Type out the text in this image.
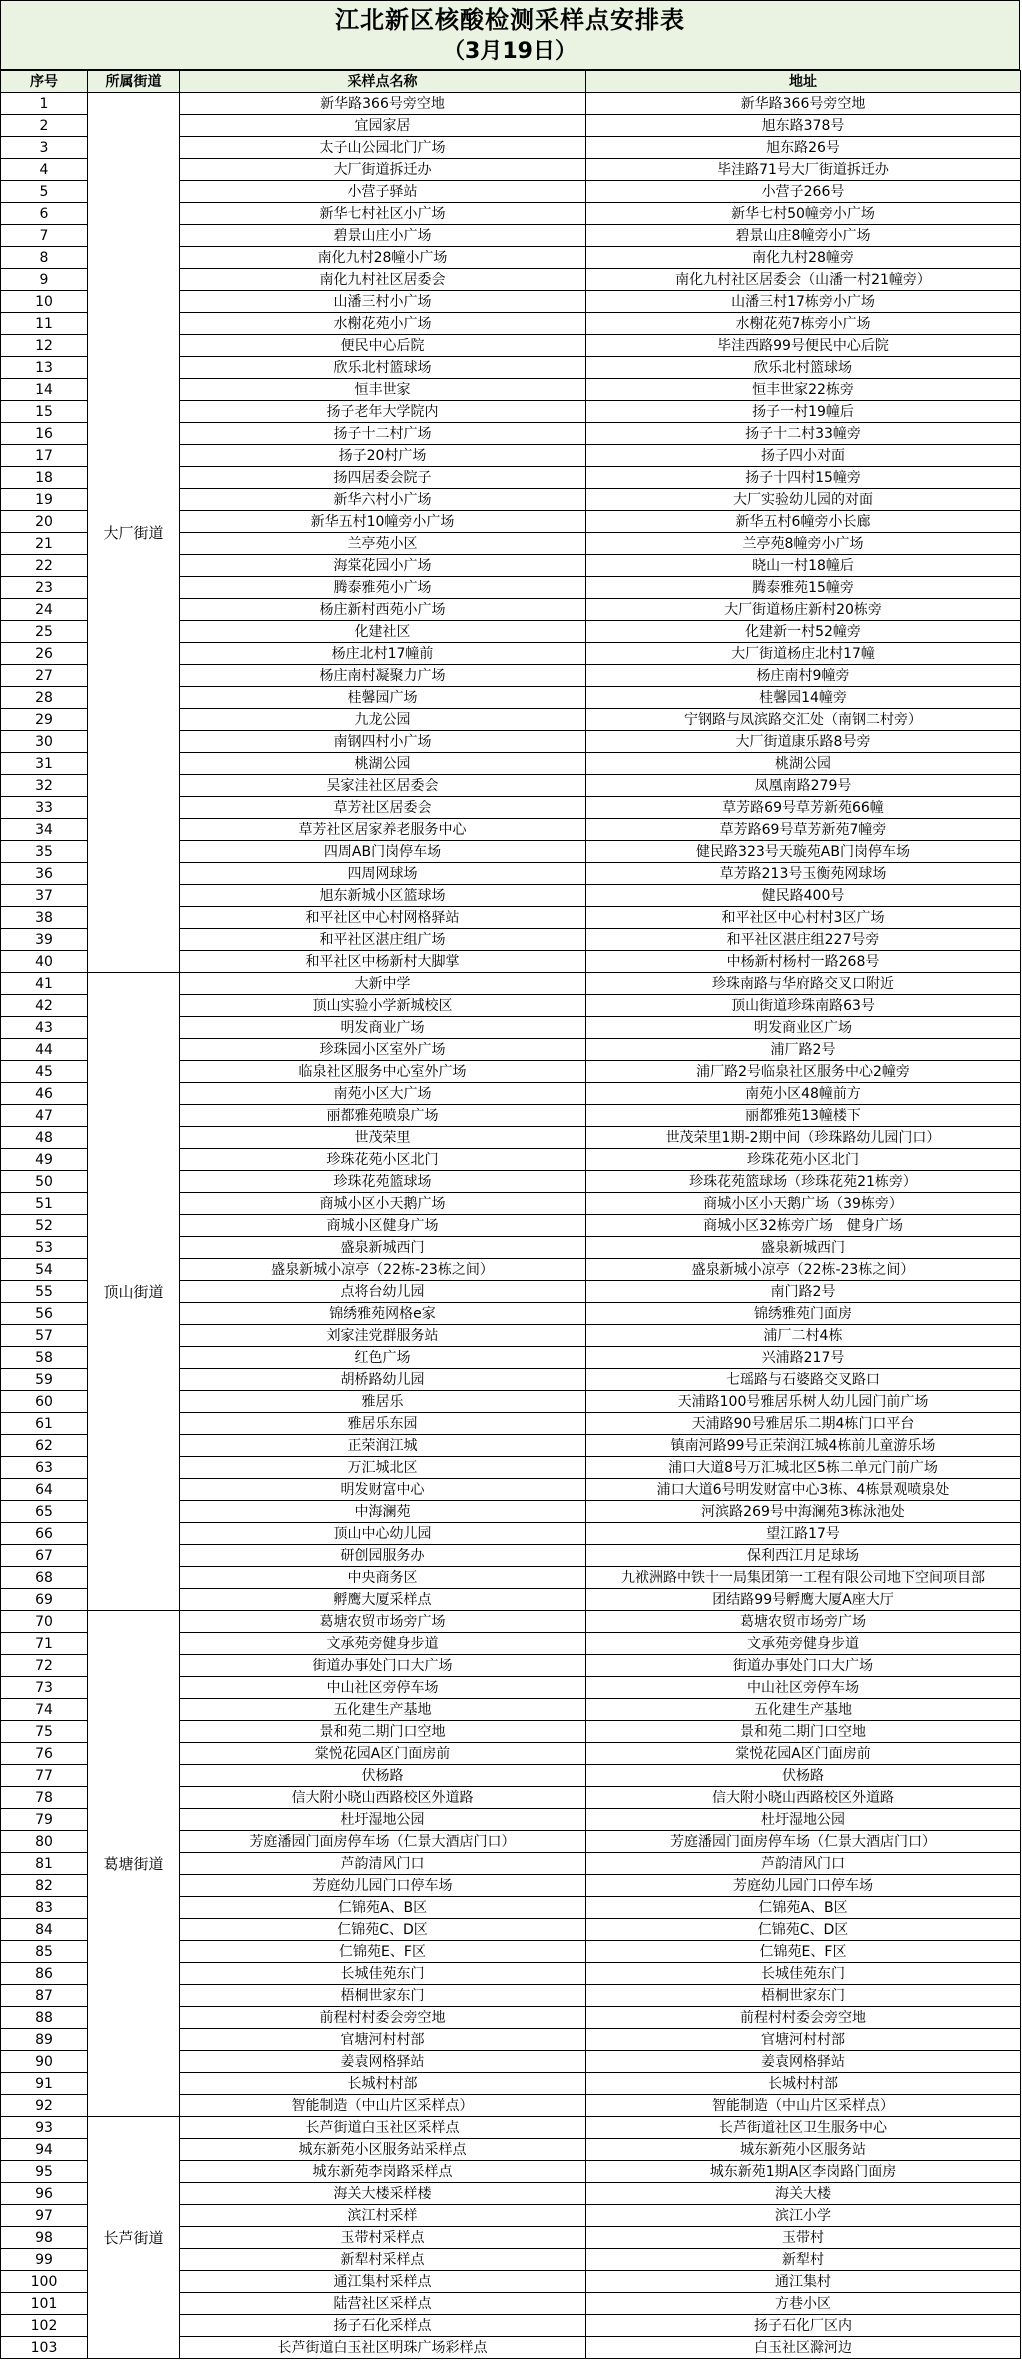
江北新区核酸检测采样点安排表
（3月19日）
序号	所属街道	采样点名称	地址
1	大厂街道	新华路366号旁空地	新华路366号旁空地
2		宜园家居	旭东路378号
3		太子山公园北门广场	旭东路26号
4		大厂街道拆迁办	毕洼路71号大厂街道拆迁办
5		小营子驿站	小营子266号
6		新华七村社区小广场	新华七村50幢旁小广场
7		碧景山庄小广场	碧景山庄8幢旁小广场
8		南化九村28幢小广场	南化九村28幢旁
9		南化九村社区居委会	南化九村社区居委会（山潘一村21幢旁）
10		山潘三村小广场	山潘三村17栋旁小广场
11		水榭花苑小广场	水榭花苑7栋旁小广场
12		便民中心后院	毕洼西路99号便民中心后院
13		欣乐北村篮球场	欣乐北村篮球场
14		恒丰世家	恒丰世家22栋旁
15		扬子老年大学院内	扬子一村19幢后
16		扬子十二村广场	扬子十二村33幢旁
17		扬子20村广场	扬子四小对面
18		扬四居委会院子	扬子十四村15幢旁
19		新华六村小广场	大厂实验幼儿园的对面
20		新华五村10幢旁小广场	新华五村6幢旁小长廊
21		兰亭苑小区	兰亭苑8幢旁小广场
22		海棠花园小广场	晓山一村18幢后
23		腾泰雅苑小广场	腾泰雅苑15幢旁
24		杨庄新村西苑小广场	大厂街道杨庄新村20栋旁
25		化建社区	化建新一村52幢旁
26		杨庄北村17幢前	大厂街道杨庄北村17幢
27		杨庄南村凝聚力广场	杨庄南村9幢旁
28		桂馨园广场	桂馨园14幢旁
29		九龙公园	宁钢路与凤滨路交汇处（南钢二村旁）
30		南钢四村小广场	大厂街道康乐路8号旁
31		桃湖公园	桃湖公园
32		吴家洼社区居委会	凤凰南路279号
33		草芳社区居委会	草芳路69号草芳新苑66幢
34		草芳社区居家养老服务中心	草芳路69号草芳新苑7幢旁
35		四周AB门岗停车场	健民路323号天璇苑AB门岗停车场
36		四周网球场	草芳路213号玉衡苑网球场
37		旭东新城小区篮球场	健民路400号
38		和平社区中心村网格驿站	和平社区中心村村3区广场
39		和平社区湛庄组广场	和平社区湛庄组227号旁
40		和平社区中杨新村大脚掌	中杨新村杨村一路268号
41	顶山街道	大新中学	珍珠南路与华府路交叉口附近
42		顶山实验小学新城校区	顶山街道珍珠南路63号
43		明发商业广场	明发商业区广场
44		珍珠园小区室外广场	浦厂路2号
45		临泉社区服务中心室外广场	浦厂路2号临泉社区服务中心2幢旁
46		南苑小区大广场	南苑小区48幢前方
47		丽都雅苑喷泉广场	丽都雅苑13幢楼下
48		世茂荣里	世茂荣里1期-2期中间（珍珠路幼儿园门口）
49		珍珠花苑小区北门	珍珠花苑小区北门
50		珍珠花苑篮球场	珍珠花苑篮球场（珍珠花苑21栋旁）
51		商城小区小天鹅广场	商城小区小天鹅广场（39栋旁）
52		商城小区健身广场	商城小区32栋旁广场　健身广场
53		盛泉新城西门	盛泉新城西门
54		盛泉新城小凉亭（22栋-23栋之间）	盛泉新城小凉亭（22栋-23栋之间）
55		点将台幼儿园	南门路2号
56		锦绣雅苑网格e家	锦绣雅苑门面房
57		刘家洼党群服务站	浦厂二村4栋
58		红色广场	兴浦路217号
59		胡桥路幼儿园	七瑶路与石婆路交叉路口
60		雅居乐	天浦路100号雅居乐树人幼儿园门前广场
61		雅居乐东园	天浦路90号雅居乐二期4栋门口平台
62		正荣润江城	镇南河路99号正荣润江城4栋前儿童游乐场
63		万汇城北区	浦口大道8号万汇城北区5栋二单元门前广场
64		明发财富中心	浦口大道6号明发财富中心3栋、4栋景观喷泉处
65		中海澜苑	河滨路269号中海澜苑3栋泳池处
66		顶山中心幼儿园	望江路17号
67		研创园服务办	保利西江月足球场
68		中央商务区	九袱洲路中铁十一局集团第一工程有限公司地下空间项目部
69		孵鹰大厦采样点	团结路99号孵鹰大厦A座大厅
70	葛塘街道	葛塘农贸市场旁广场	葛塘农贸市场旁广场
71		文承苑旁健身步道	文承苑旁健身步道
72		街道办事处门口大广场	街道办事处门口大广场
73		中山社区旁停车场	中山社区旁停车场
74		五化建生产基地	五化建生产基地
75		景和苑二期门口空地	景和苑二期门口空地
76		棠悦花园A区门面房前	棠悦花园A区门面房前
77		伏杨路	伏杨路
78		信大附小晓山西路校区外道路	信大附小晓山西路校区外道路
79		杜圩湿地公园	杜圩湿地公园
80		芳庭潘园门面房停车场（仁景大酒店门口）	芳庭潘园门面房停车场（仁景大酒店门口）
81		芦韵清风门口	芦韵清风门口
82		芳庭幼儿园门口停车场	芳庭幼儿园门口停车场
83		仁锦苑A、B区	仁锦苑A、B区
84		仁锦苑C、D区	仁锦苑C、D区
85		仁锦苑E、F区	仁锦苑E、F区
86		长城佳苑东门	长城佳苑东门
87		梧桐世家东门	梧桐世家东门
88		前程村村委会旁空地	前程村村委会旁空地
89		官塘河村村部	官塘河村村部
90		姜袁网格驿站	姜袁网格驿站
91		长城村村部	长城村村部
92		智能制造（中山片区采样点）	智能制造（中山片区采样点）
93	长芦街道	长芦街道白玉社区采样点	长芦街道社区卫生服务中心
94		城东新苑小区服务站采样点	城东新苑小区服务站
95		城东新苑李岗路采样点	城东新苑1期A区李岗路门面房
96		海关大楼采样楼	海关大楼
97		滨江村采样	滨江小学
98		玉带村采样点	玉带村
99		新犁村采样点	新犁村
100		通江集村采样点	通江集村
101		陆营社区采样点	方巷小区
102		扬子石化采样点	扬子石化厂区内
103		长芦街道白玉社区明珠广场彩样点	白玉社区滁河边
